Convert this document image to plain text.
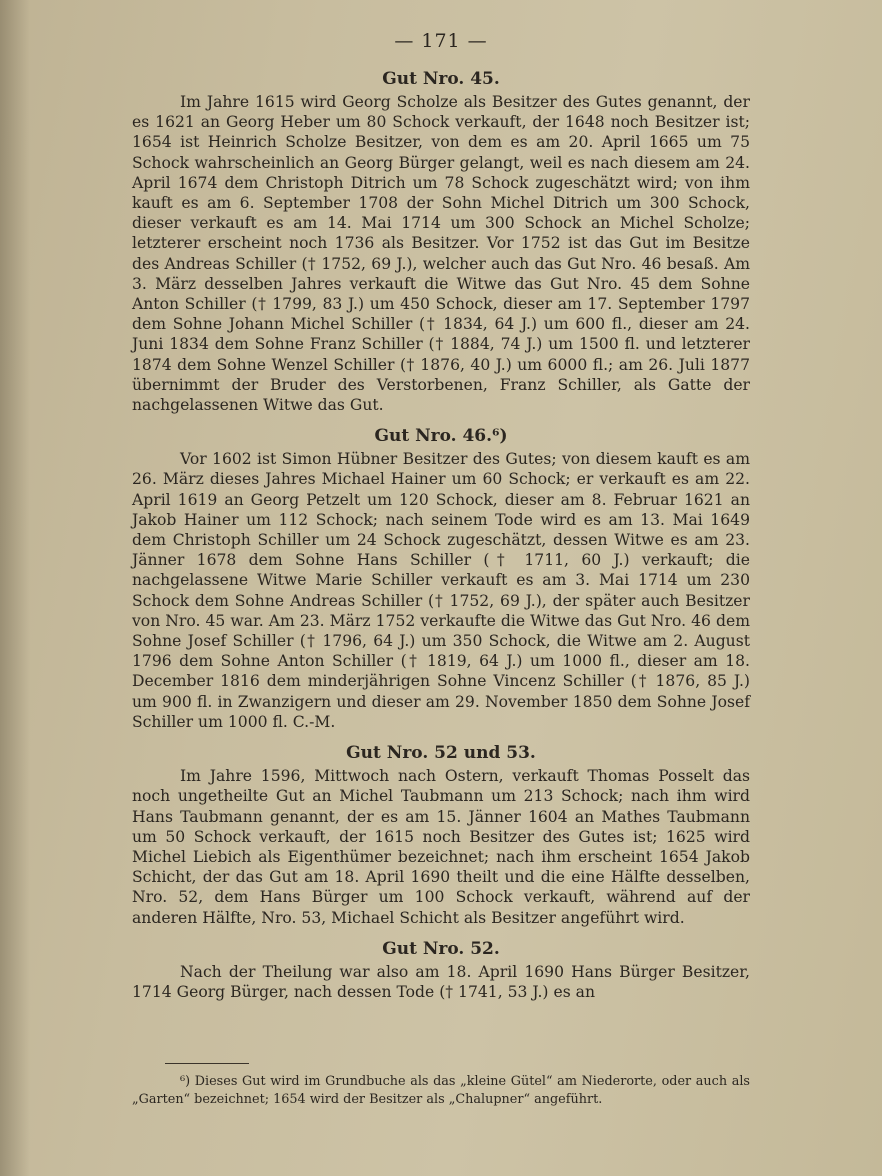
— 171 —
Gut Nro. 45.

Im Jahre 1615 wird Georg Scholze als Besitzer des Gutes genannt, der es 1621 an Georg Heber um 80 Schock verkauft, der 1648 noch Besitzer ist; 1654 ist Heinrich Scholze Besitzer, von dem es am 20. April 1665 um 75 Schock wahrscheinlich an Georg Bürger gelangt, weil es nach diesem am 24. April 1674 dem Christoph Ditrich um 78 Schock zugeschätzt wird; von ihm kauft es am 6. September 1708 der Sohn Michel Ditrich um 300 Schock, dieser verkauft es am 14. Mai 1714 um 300 Schock an Michel Scholze; letzterer erscheint noch 1736 als Besitzer. Vor 1752 ist das Gut im Besitze des Andreas Schiller († 1752, 69 J.), welcher auch das Gut Nro. 46 besaß. Am 3. März desselben Jahres verkauft die Witwe das Gut Nro. 45 dem Sohne Anton Schiller († 1799, 83 J.) um 450 Schock, dieser am 17. September 1797 dem Sohne Johann Michel Schiller († 1834, 64 J.) um 600 fl., dieser am 24. Juni 1834 dem Sohne Franz Schiller († 1884, 74 J.) um 1500 fl. und letzterer 1874 dem Sohne Wenzel Schiller († 1876, 40 J.) um 6000 fl.; am 26. Juli 1877 übernimmt der Bruder des Verstorbenen, Franz Schiller, als Gatte der nachgelassenen Witwe das Gut.

Gut Nro. 46.⁶)

Vor 1602 ist Simon Hübner Besitzer des Gutes; von diesem kauft es am 26. März dieses Jahres Michael Hainer um 60 Schock; er verkauft es am 22. April 1619 an Georg Petzelt um 120 Schock, dieser am 8. Februar 1621 an Jakob Hainer um 112 Schock; nach seinem Tode wird es am 13. Mai 1649 dem Christoph Schiller um 24 Schock zugeschätzt, dessen Witwe es am 23. Jänner 1678 dem Sohne Hans Schiller († 1711, 60 J.) verkauft; die nachgelassene Witwe Marie Schiller verkauft es am 3. Mai 1714 um 230 Schock dem Sohne Andreas Schiller († 1752, 69 J.), der später auch Besitzer von Nro. 45 war. Am 23. März 1752 verkaufte die Witwe das Gut Nro. 46 dem Sohne Josef Schiller († 1796, 64 J.) um 350 Schock, die Witwe am 2. August 1796 dem Sohne Anton Schiller († 1819, 64 J.) um 1000 fl., dieser am 18. December 1816 dem minderjährigen Sohne Vincenz Schiller († 1876, 85 J.) um 900 fl. in Zwanzigern und dieser am 29. November 1850 dem Sohne Josef Schiller um 1000 fl. C.-M.

Gut Nro. 52 und 53.

Im Jahre 1596, Mittwoch nach Ostern, verkauft Thomas Posselt das noch ungetheilte Gut an Michel Taubmann um 213 Schock; nach ihm wird Hans Taubmann genannt, der es am 15. Jänner 1604 an Mathes Taubmann um 50 Schock verkauft, der 1615 noch Besitzer des Gutes ist; 1625 wird Michel Liebich als Eigenthümer bezeichnet; nach ihm erscheint 1654 Jakob Schicht, der das Gut am 18. April 1690 theilt und die eine Hälfte desselben, Nro. 52, dem Hans Bürger um 100 Schock verkauft, während auf der anderen Hälfte, Nro. 53, Michael Schicht als Besitzer angeführt wird.

Gut Nro. 52.

Nach der Theilung war also am 18. April 1690 Hans Bürger Besitzer, 1714 Georg Bürger, nach dessen Tode († 1741, 53 J.) es an

⁶) Dieses Gut wird im Grundbuche als das „kleine Gütel“ am Niederorte, oder auch als „Garten“ bezeichnet; 1654 wird der Besitzer als „Chalupner“ angeführt.
